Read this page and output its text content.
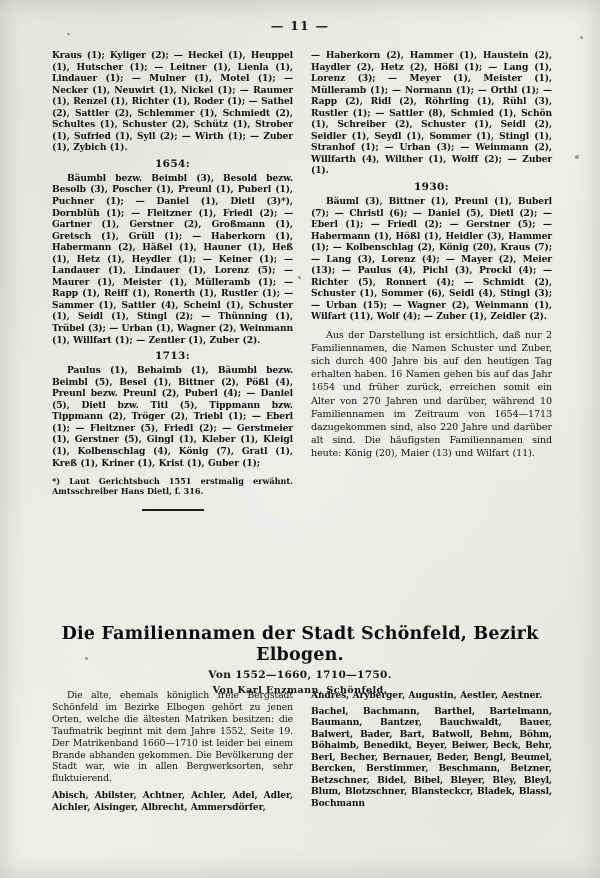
— 11 —
Kraus (1); Kyliger (2); — Heckel (1), Heuppel (1), Hutscher (1); — Leitner (1), Lienla (1), Lindauer (1); — Mulner (1), Motel (1); — Necker (1), Neuwirt (1), Nickel (1); — Raumer (1), Renzel (1), Richter (1), Roder (1); — Sathel (2), Sattler (2), Schlemmer (1), Schmiedt (2), Schultes (1), Schuster (2), Schütz (1), Strober (1), Sufried (1), Syll (2); — Wirth (1); — Zuber (1), Zybich (1).
1654:
Bäumbl bezw. Beimbl (3), Besold bezw. Besolb (3), Poscher (1), Preunl (1), Puberl (1), Puchner (1); — Daniel (1), Dietl (3)*), Dornblüh (1); — Fleitzner (1), Friedl (2); — Gartner (1), Gerstner (2), Großmann (1), Gretsch (1), Grüll (1); — Haberkorn (1), Habermann (2), Häßel (1), Hauner (1), Heß (1), Hetz (1), Heydler (1); — Keiner (1); — Landauer (1), Lindauer (1), Lorenz (5); — Maurer (1), Meister (1), Mülleramb (1); — Rapp (1), Reiff (1), Ronerth (1), Rustler (1); — Sammer (1), Sattler (4), Scheinl (1), Schuster (1), Seidl (1), Stingl (2); — Thünning (1), Trübel (3); — Urban (1), Wagner (2), Weinmann (1), Willfart (1); — Zentler (1), Zuber (2).
1713:
Paulus (1), Behaimb (1), Bäumbl bezw. Beimbl (5), Besel (1), Bittner (2), Pößl (4), Preunl bezw. Preunl (2), Puberl (4); — Daniel (5), Dietl bzw. Titl (5), Tippmann bzw. Tippmann (2), Tröger (2), Triebl (1); — Eberl (1); — Fleitzner (5), Friedl (2); — Gerstmeier (1), Gerstner (5), Gingl (1), Kleber (1), Kleigl (1), Kolbenschlag (4), König (7), Gratl (1), Kreß (1), Kriner (1), Krist (1), Guber (1);
*) Laut Gerichtsbuch 1551 erstmalig erwähnt. Amtsschreiber Hans Dietl, f. 316.
— Haberkorn (2), Hammer (1), Haustein (2), Haydler (2), Hetz (2), Hößl (1); — Lang (1), Lorenz (3); — Meyer (1), Meister (1), Mülleramb (1); — Normann (1); — Orthl (1); — Rapp (2), Ridl (2), Röhrling (1), Rühl (3), Rustler (1); — Sattler (8), Schmied (1), Schön (1), Schreiber (2), Schuster (1), Seidl (2), Seidler (1), Seydl (1), Sommer (1), Stingl (1), Stranhof (1); — Urban (3); — Weinmann (2), Willfarth (4), Wilther (1), Wolff (2); — Zuber (1).
1930:
Bäuml (3), Bittner (1), Preunl (1), Buberl (7); — Christl (6); — Daniel (5), Dietl (2); — Eberl (1); — Friedl (2); — Gerstner (5); — Habermann (1), Hößl (1), Heidler (3), Hammer (1); — Kolbenschlag (2), König (20), Kraus (7); — Lang (3), Lorenz (4); — Mayer (2), Meier (13); — Paulus (4), Pichl (3), Prockl (4); — Richter (5), Ronnert (4); — Schmidt (2), Schuster (1), Sommer (6), Seidl (4), Stingl (3); — Urban (15); — Wagner (2), Weinmann (1), Wilfart (11), Wolf (4); — Zuber (1), Zeidler (2).
Aus der Darstellung ist ersichtlich, daß nur 2 Familiennamen, die Namen Schuster und Zuber, sich durch 400 Jahre bis auf den heutigen Tag erhalten haben. 16 Namen gehen bis auf das Jahr 1654 und früher zurück, erreichen somit ein Alter von 270 Jahren und darüber, während 10 Familiennamen im Zeitraum von 1654—1713 dazugekommen sind, also 220 Jahre und darüber alt sind. Die häufigsten Familiennamen sind heute: König (20), Maier (13) und Wilfart (11).
Die Familiennamen der Stadt Schönfeld, Bezirk Elbogen.
Von 1552—1660, 1710—1750.
Von Karl Enzmann, Schönfeld.
Die alte, ehemals königlich freie Bergstadt Schönfeld im Bezirke Elbogen gehört zu jenen Orten, welche die ältesten Matriken besitzen: die Taufmatrik beginnt mit dem Jahre 1552, Seite 19. Der Matrikenband 1660—1710 ist leider bei einem Brande abhanden gekommen. Die Bevölkerung der Stadt war, wie in allen Bergwerksorten, sehr fluktuierend.
Abisch, Abilster, Achtner, Achler, Adel, Adler, Aichler, Aisinger, Albrecht, Ammersdörfer,
Andres, Aryberger, Augustin, Aestler, Aestner.
Bachel, Bachmann, Barthel, Bartelmann, Baumann, Bantzer, Bauchwaldt, Bauer, Balwert, Bader, Bart, Batwoll, Behm, Böhm, Böhaimb, Benedikt, Beyer, Beiwer, Beck, Behr, Berl, Becher, Bernauer, Beder, Bengl, Beumel, Bercken, Berstimmer, Beschmann, Betzner, Betzschner, Bidel, Bibel, Bleyer, Bley, Bleyl, Blum, Blotzschner, Blansteckcr, Bladek, Blassl, Bochmann
